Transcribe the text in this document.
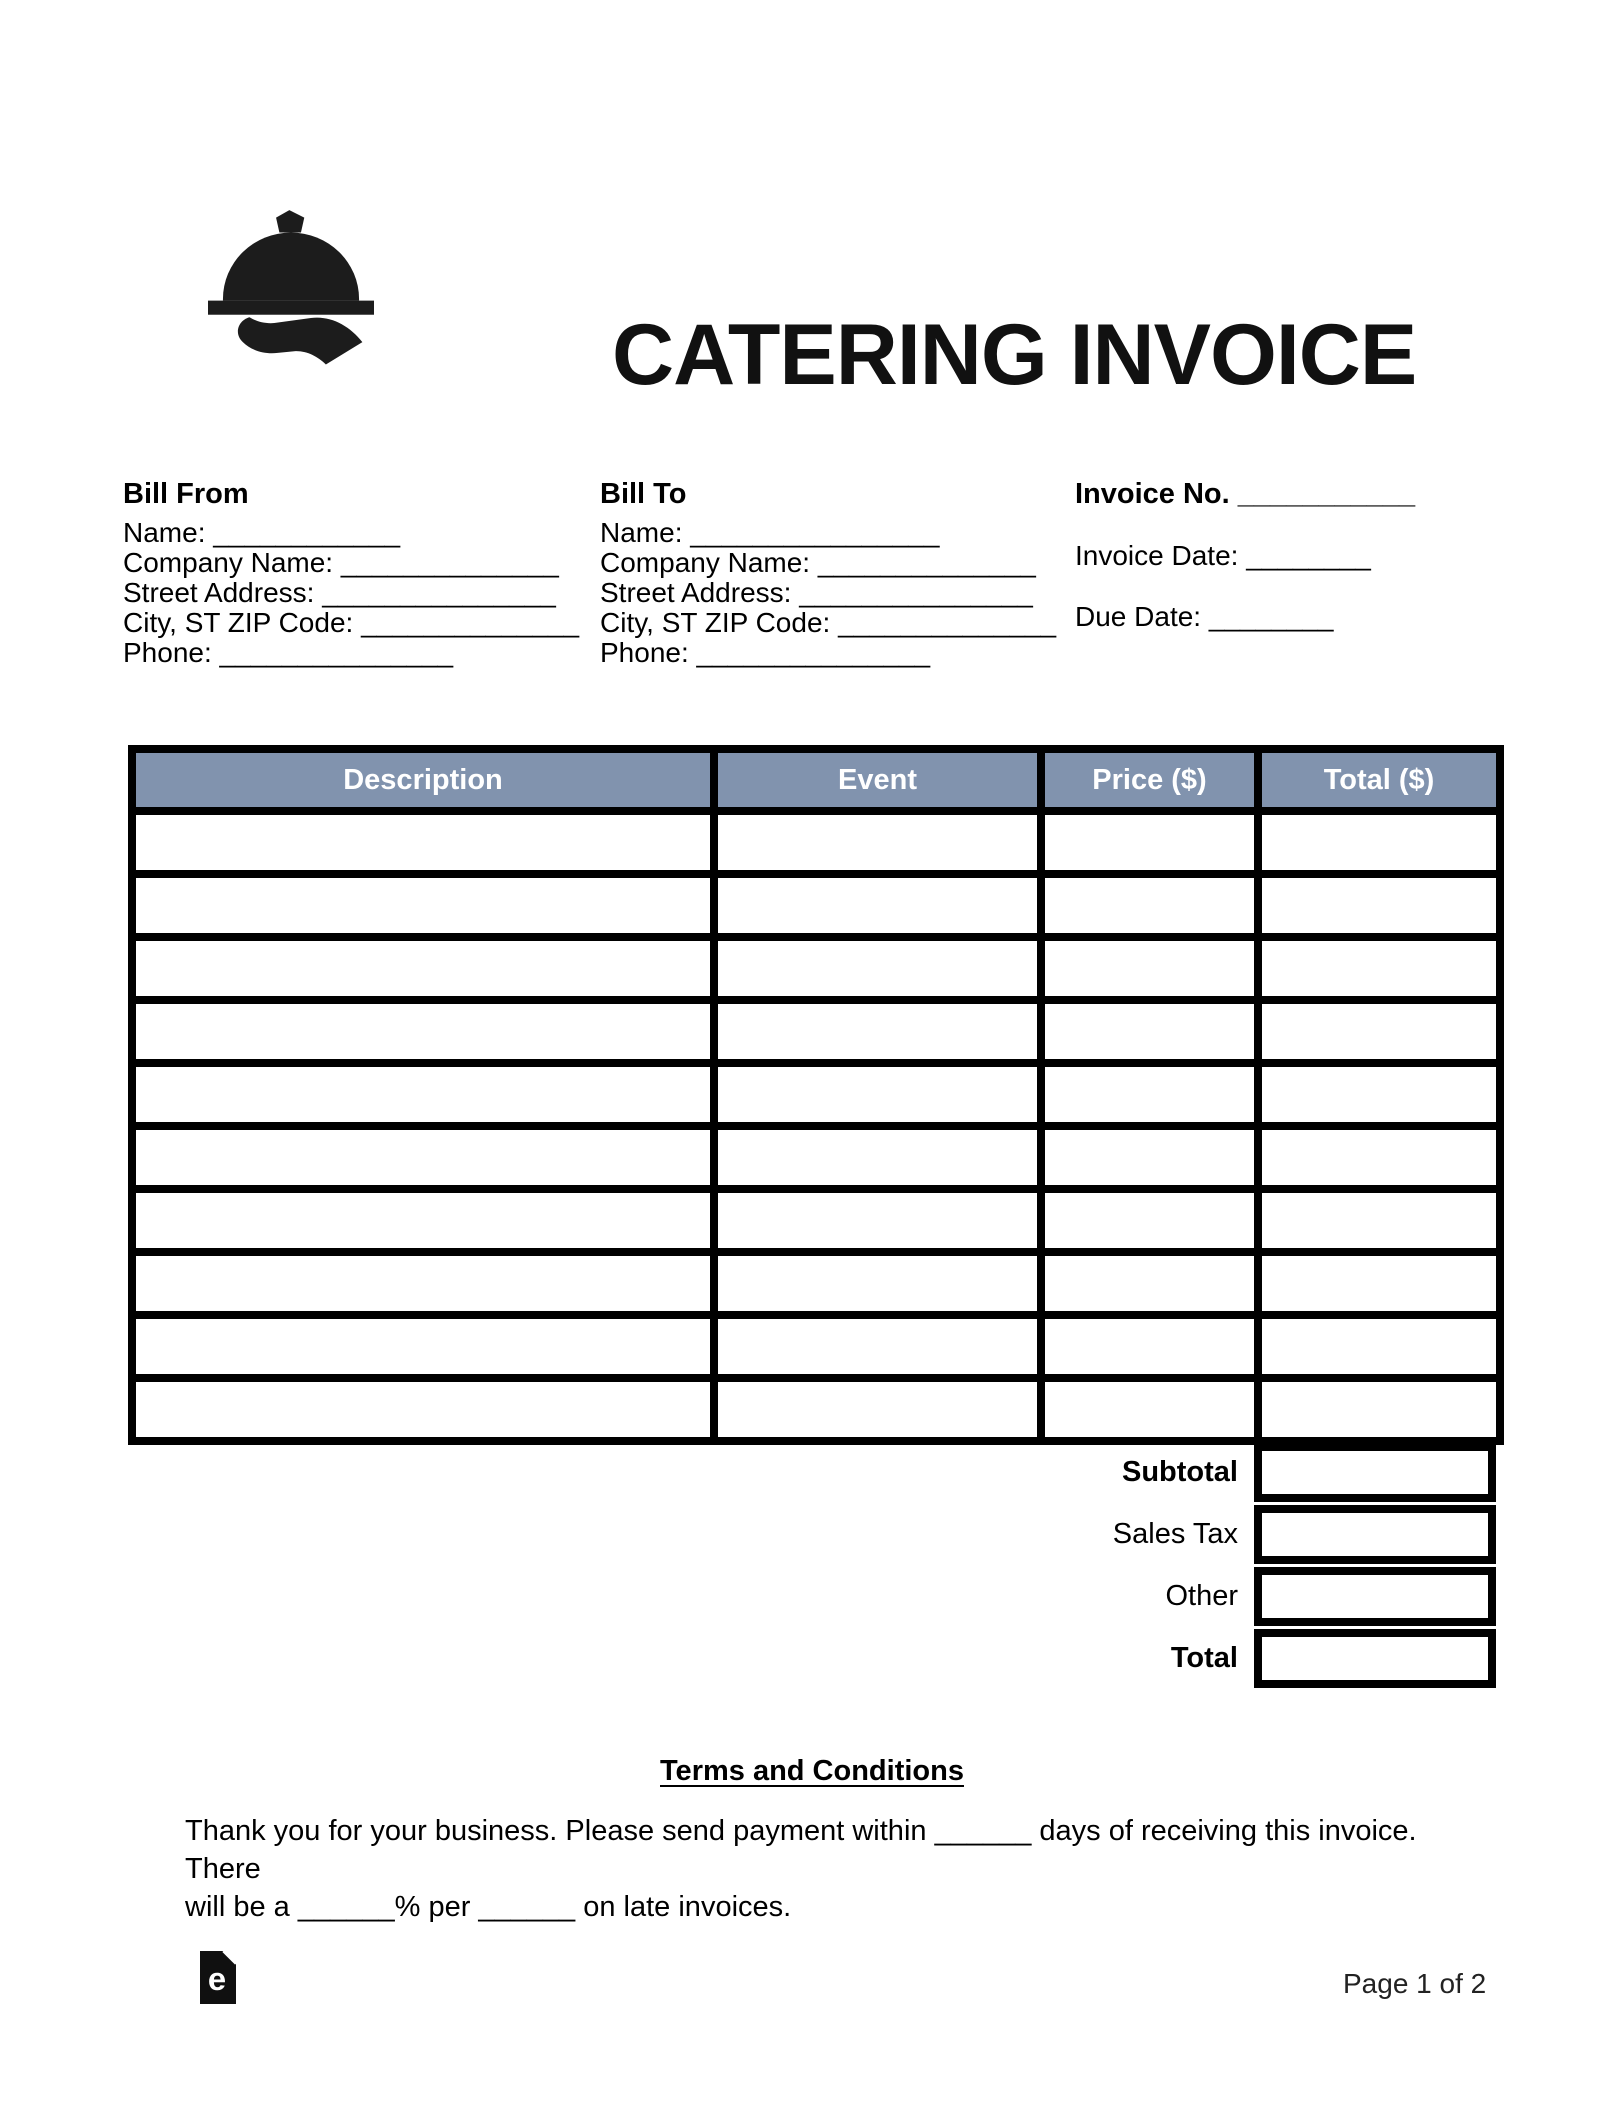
CATERING INVOICE
Bill From
Name: ____________
Company Name: ______________
Street Address: _______________
City, ST ZIP Code: ______________
Phone: _______________
Bill To
Name: ________________
Company Name: ______________
Street Address: _______________
City, ST ZIP Code: ______________
Phone: _______________
Invoice No. ___________
Invoice Date: ________
Due Date: ________
Description	Event	Price ($)	Total ($)

Subtotal
Sales Tax
Other
Total
Terms and Conditions
Thank you for your business. Please send payment within ______ days of receiving this invoice. There
will be a ______% per ______ on late invoices.
e	Page 1 of 2
